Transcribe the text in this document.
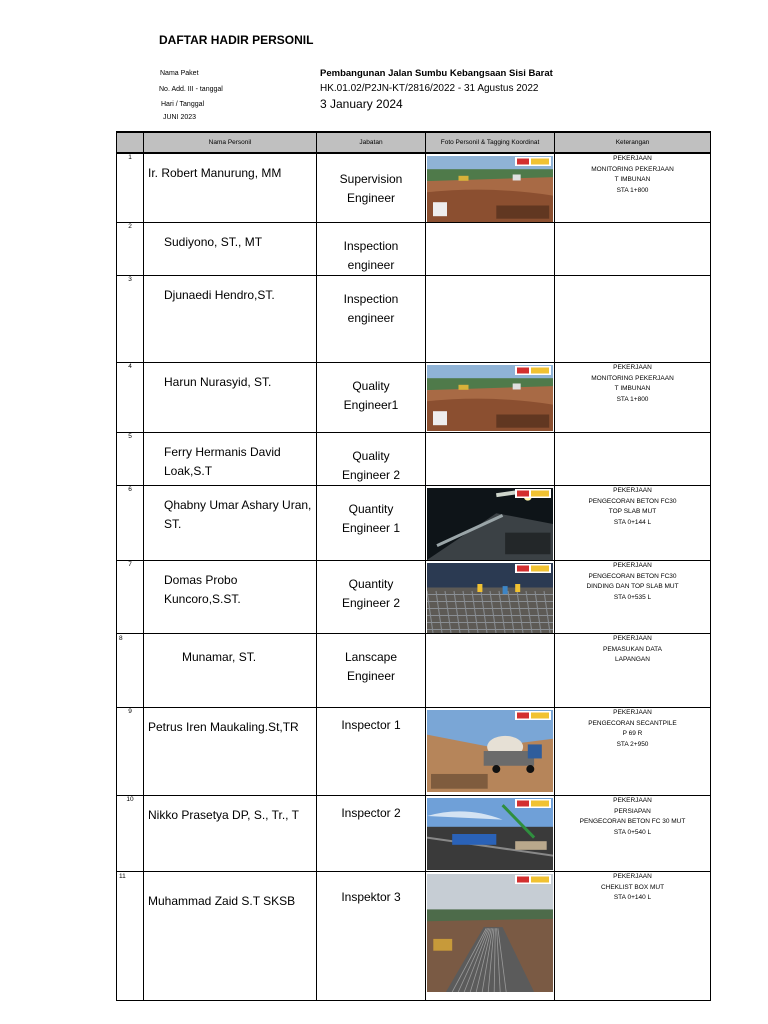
DAFTAR HADIR PERSONIL
Nama Paket	Pembangunan Jalan Sumbu Kebangsaan Sisi Barat
No. Add. III - tanggal	HK.01.02/P2JN-KT/2816/2022 - 31 Agustus 2022
Hari / Tanggal	3 January 2024
JUNI 2023
	Nama Personil	Jabatan	Foto Personil & Tagging Koordinat	Keterangan
1	Ir. Robert Manurung, MM	Supervision Engineer		PEKERJAAN
MONITORING PEKERJAAN
T IMBUNAN
STA 1+800

2	Sudiyono, ST., MT	Inspection engineer		

3	Djunaedi Hendro,ST.	Inspection engineer		

4	Harun Nurasyid, ST.	Quality Engineer1		PEKERJAAN
MONITORING PEKERJAAN
T IMBUNAN
STA 1+800

5	Ferry Hermanis David Loak,S.T	Quality Engineer 2		

6	Qhabny Umar Ashary Uran, ST.	Quantity Engineer 1		PEKERJAAN
PENGECORAN BETON FC30
TOP SLAB MUT
STA 0+144 L

7	Domas Probo Kuncoro,S.ST.	Quantity Engineer 2		PEKERJAAN
PENGECORAN BETON FC30
DINDING DAN TOP SLAB MUT
STA 0+535 L

8	Munamar, ST.	Lanscape Engineer		PEKERJAAN
PEMASUKAN DATA
LAPANGAN

9	Petrus Iren Maukaling.St,TR	Inspector 1		PEKERJAAN
PENGECORAN SECANTPILE
P 69 R
STA 2+950

10	Nikko Prasetya DP, S., Tr., T	Inspector 2		PEKERJAAN
PERSIAPAN
PENGECORAN BETON FC 30 MUT
STA 0+540 L

11	Muhammad Zaid S.T SKSB	Inspektor 3		PEKERJAAN
CHEKLIST BOX MUT
STA 0+140 L
